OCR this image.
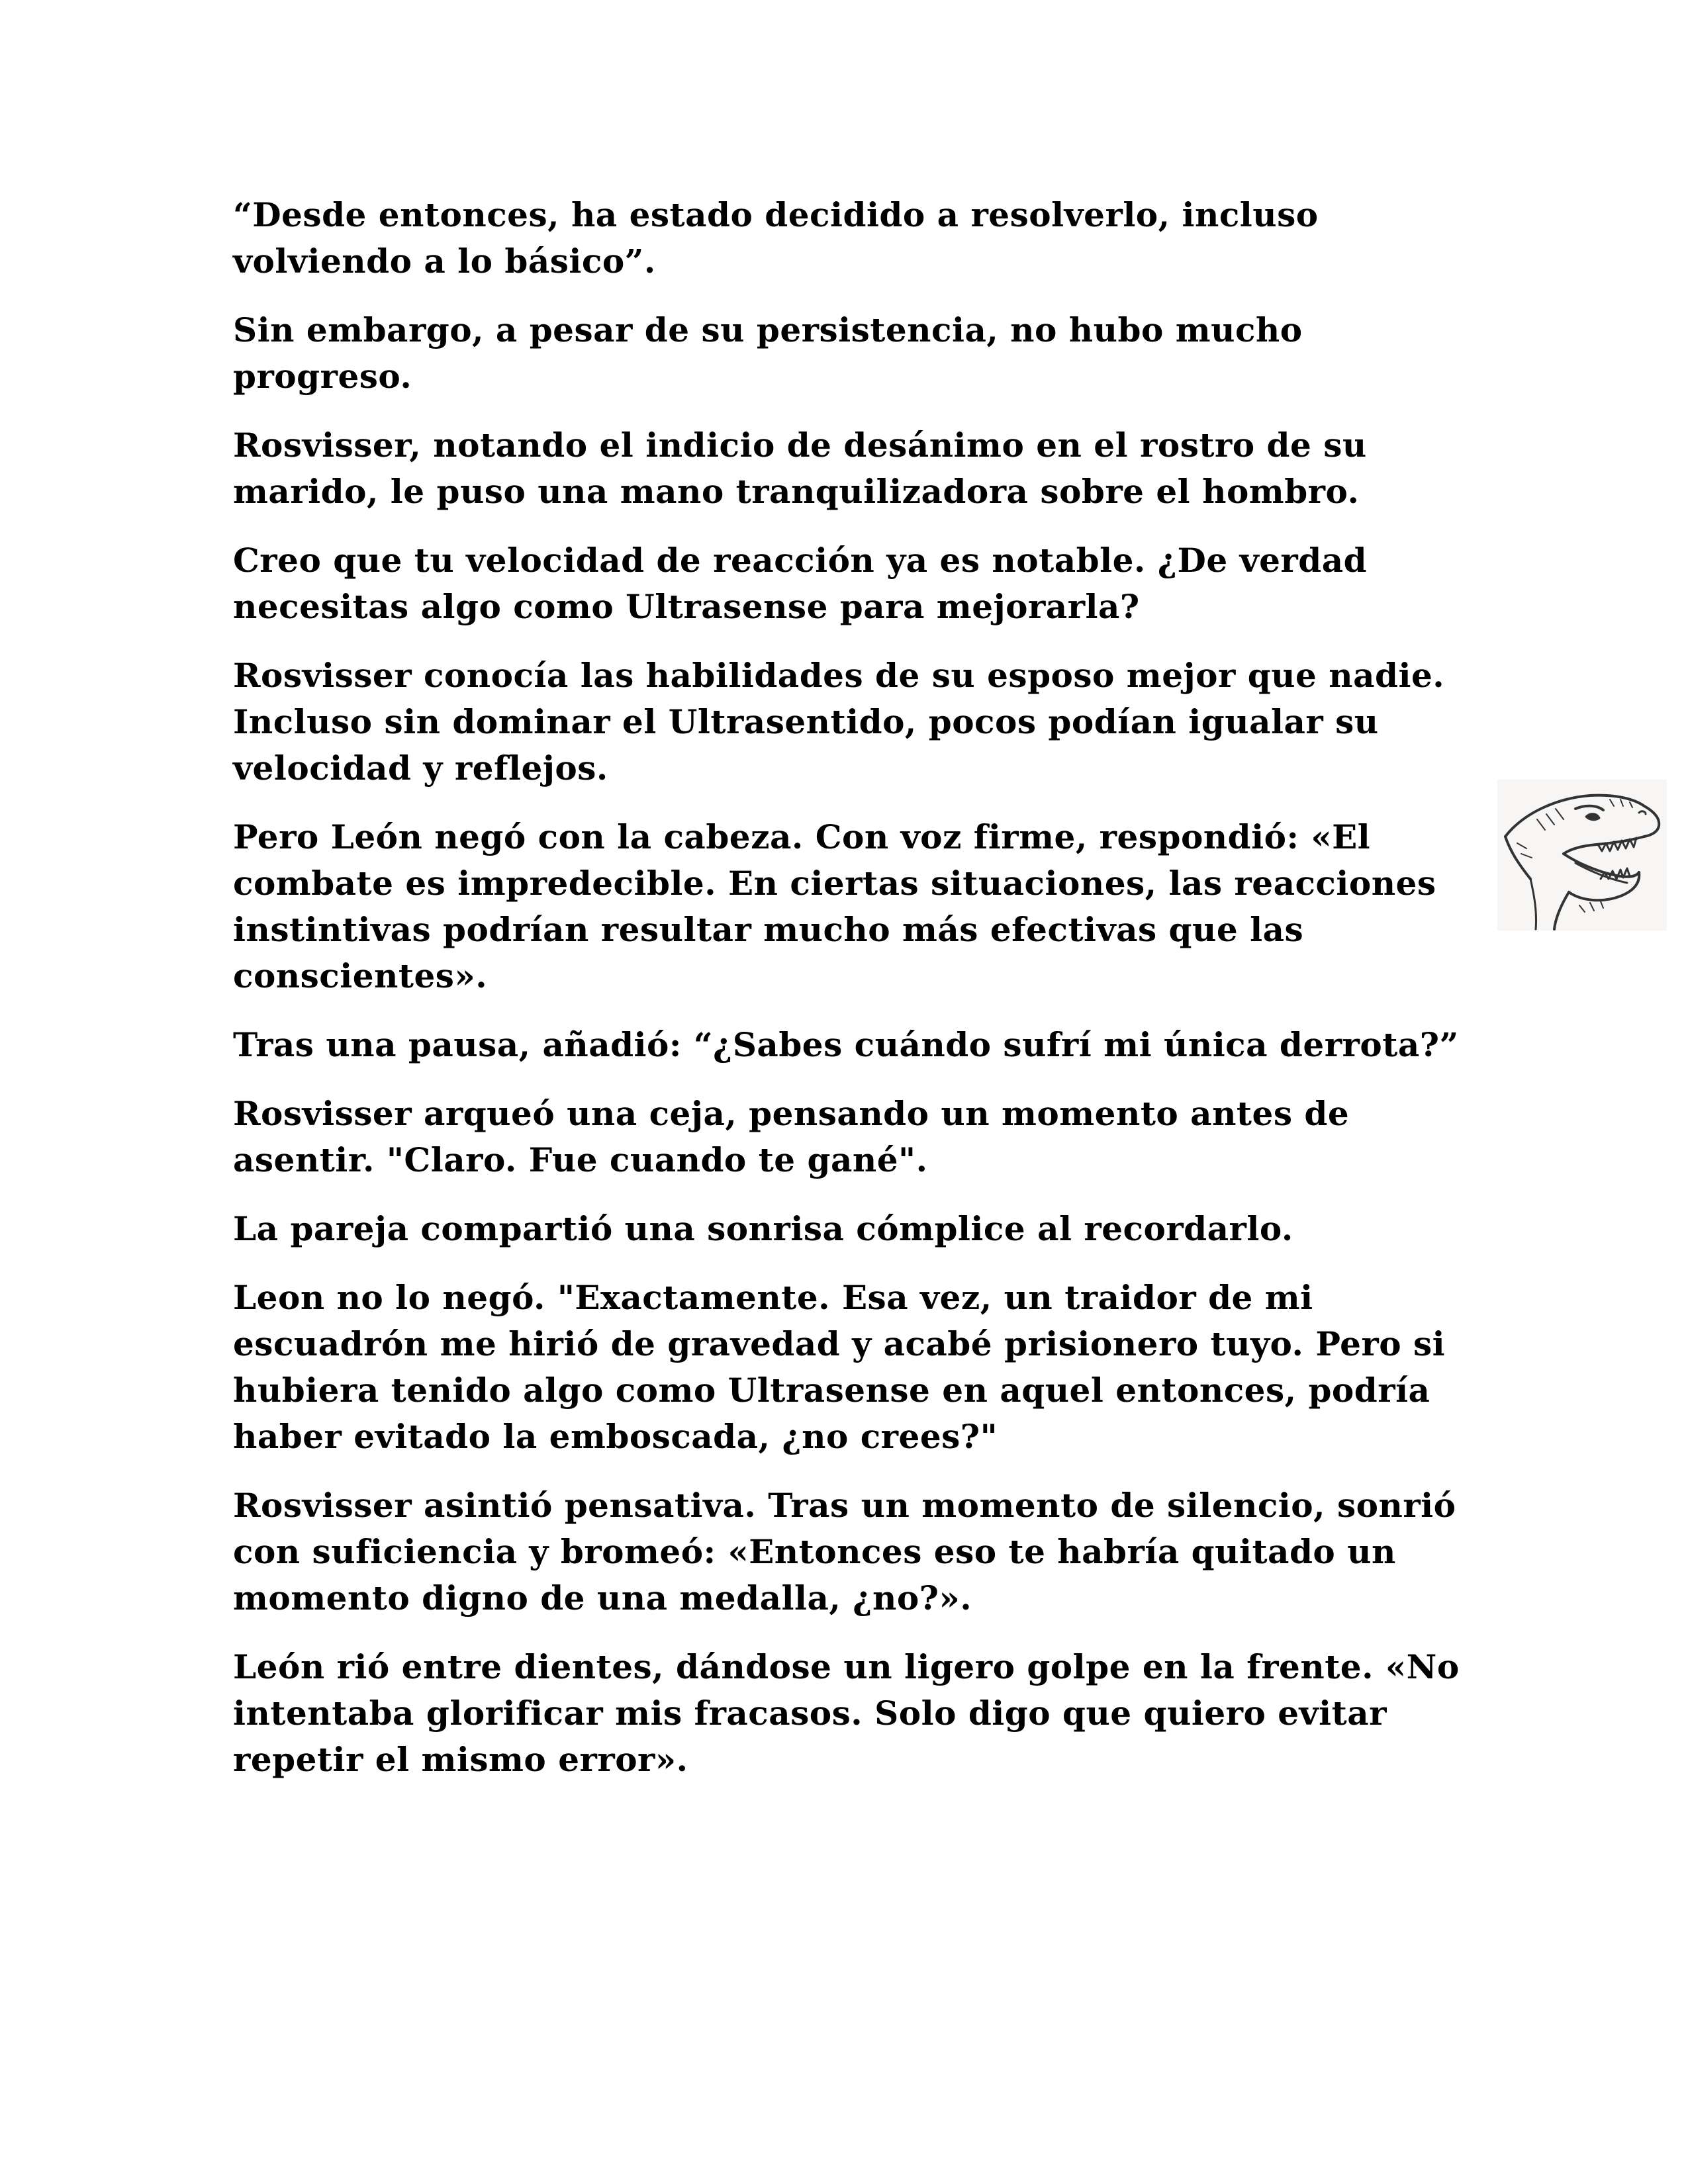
“Desde entonces, ha estado decidido a resolverlo, incluso volviendo a lo básico”.

Sin embargo, a pesar de su persistencia, no hubo mucho progreso.

Rosvisser, notando el indicio de desánimo en el rostro de su marido, le puso una mano tranquilizadora sobre el hombro.

Creo que tu velocidad de reacción ya es notable. ¿De verdad necesitas algo como Ultrasense para mejorarla?

Rosvisser conocía las habilidades de su esposo mejor que nadie. Incluso sin dominar el Ultrasentido, pocos podían igualar su velocidad y reflejos.

Pero León negó con la cabeza. Con voz firme, respondió: «El combate es impredecible. En ciertas situaciones, las reacciones instintivas podrían resultar mucho más efectivas que las conscientes».

Tras una pausa, añadió: “¿Sabes cuándo sufrí mi única derrota?”

Rosvisser arqueó una ceja, pensando un momento antes de asentir. "Claro. Fue cuando te gané".

La pareja compartió una sonrisa cómplice al recordarlo.

Leon no lo negó. "Exactamente. Esa vez, un traidor de mi escuadrón me hirió de gravedad y acabé prisionero tuyo. Pero si hubiera tenido algo como Ultrasense en aquel entonces, podría haber evitado la emboscada, ¿no crees?"

Rosvisser asintió pensativa. Tras un momento de silencio, sonrió con suficiencia y bromeó: «Entonces eso te habría quitado un momento digno de una medalla, ¿no?».

León rió entre dientes, dándose un ligero golpe en la frente. «No intentaba glorificar mis fracasos. Solo digo que quiero evitar repetir el mismo error».
